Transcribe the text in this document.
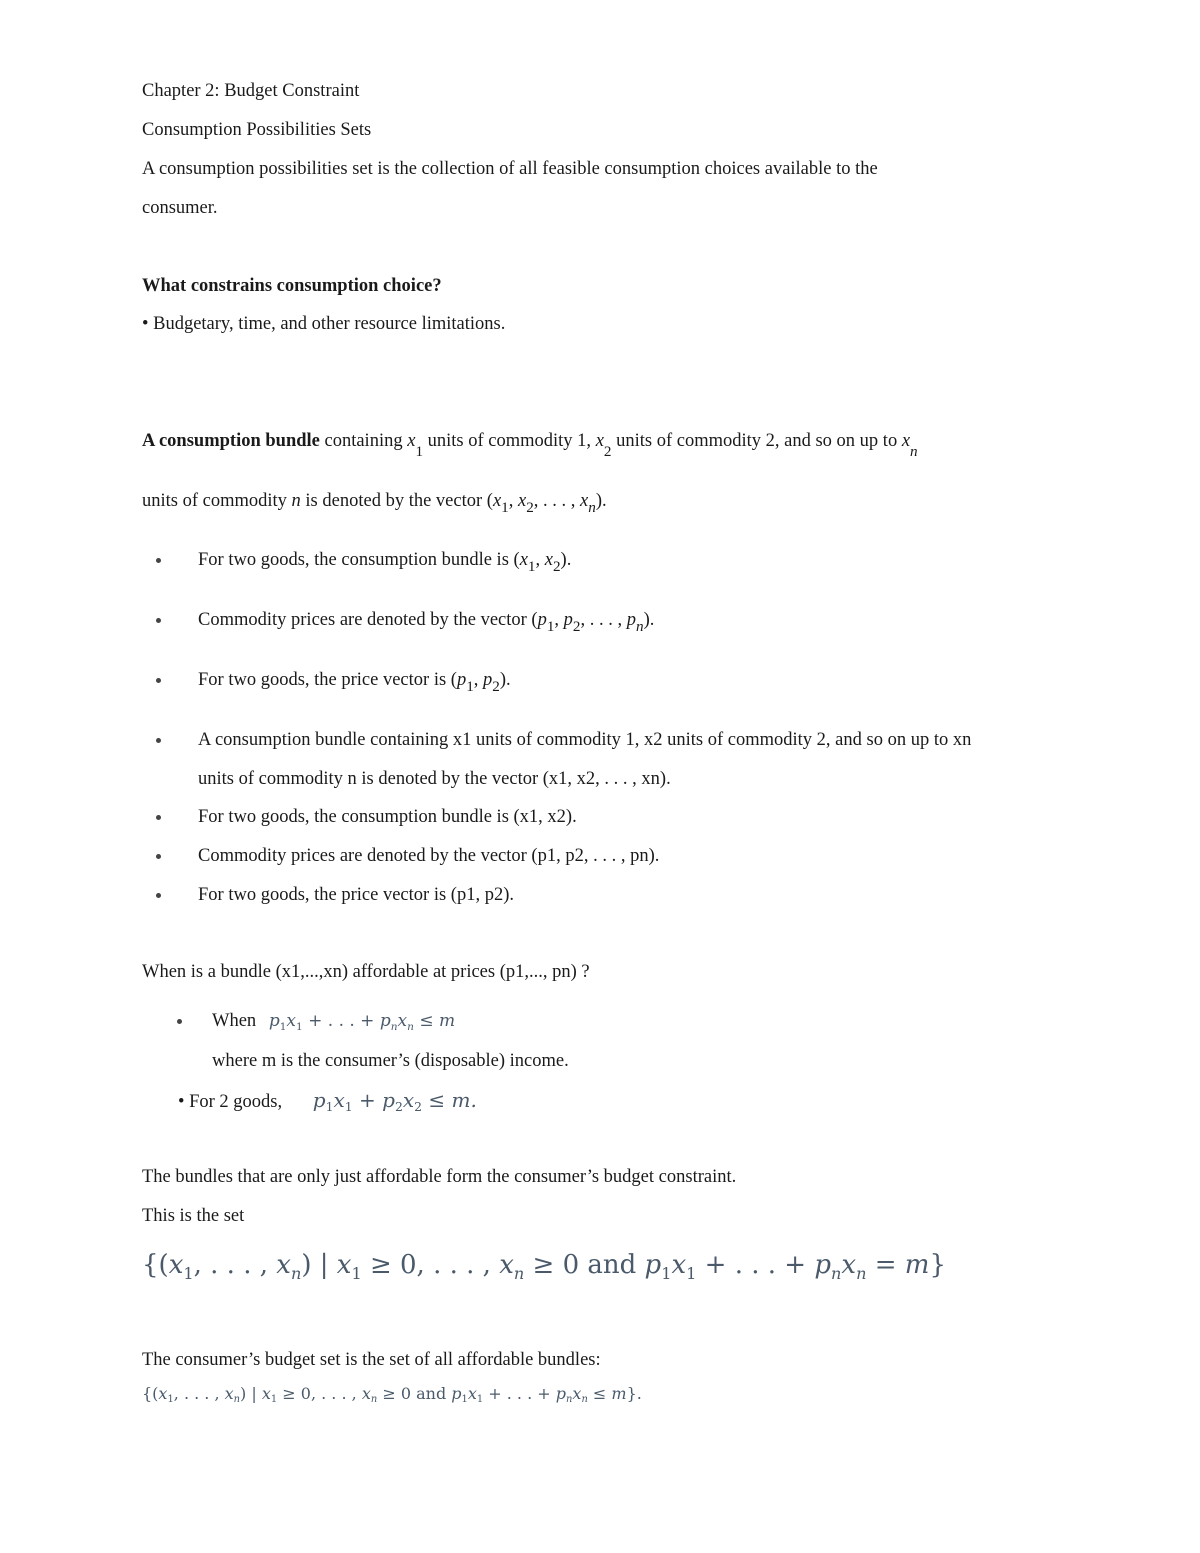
Chapter 2: Budget Constraint
Consumption Possibilities Sets
A consumption possibilities set is the collection of all feasible consumption choices available to the
consumer.
What constrains consumption choice?
• Budgetary, time, and other resource limitations.
A consumption bundle containing $x_1$ units of commodity 1, $x_2$ units of commodity 2, and so on up to $x_n$
units of commodity n is denoted by the vector ($x_1$, $x_2$, . . . , $x_n$).
For two goods, the consumption bundle is ($x_1$, $x_2$).
Commodity prices are denoted by the vector ($p_1$, $p_2$, . . . , $p_n$).
For two goods, the price vector is ($p_1$, $p_2$).
A consumption bundle containing x1 units of commodity 1, x2 units of commodity 2, and so on up to xn
units of commodity n is denoted by the vector (x1, x2, . . . , xn).
For two goods, the consumption bundle is (x1, x2).
Commodity prices are denoted by the vector (p1, p2, . . . , pn).
For two goods, the price vector is (p1, p2).
When is a bundle (x1,...,xn) affordable at prices (p1,..., pn) ?
When $p_1x_1$ + . . . + $p_nx_n \le m$
where m is the consumer’s (disposable) income.
• For 2 goods, $p_1x_1 + p_2x_2 \le m$.
The bundles that are only just affordable form the consumer’s budget constraint.
This is the set
{($x_1$, . . . , $x_n$) | $x_1 \ge 0$, . . . , $x_n \ge 0$ and $p_1x_1$ + . . . + $p_nx_n = m$}
The consumer’s budget set is the set of all affordable bundles:
{($x_1$, . . . , $x_n$) | $x_1 \ge 0$, . . . , $x_n \ge 0$ and $p_1x_1$ + . . . + $p_nx_n \le m$}.
